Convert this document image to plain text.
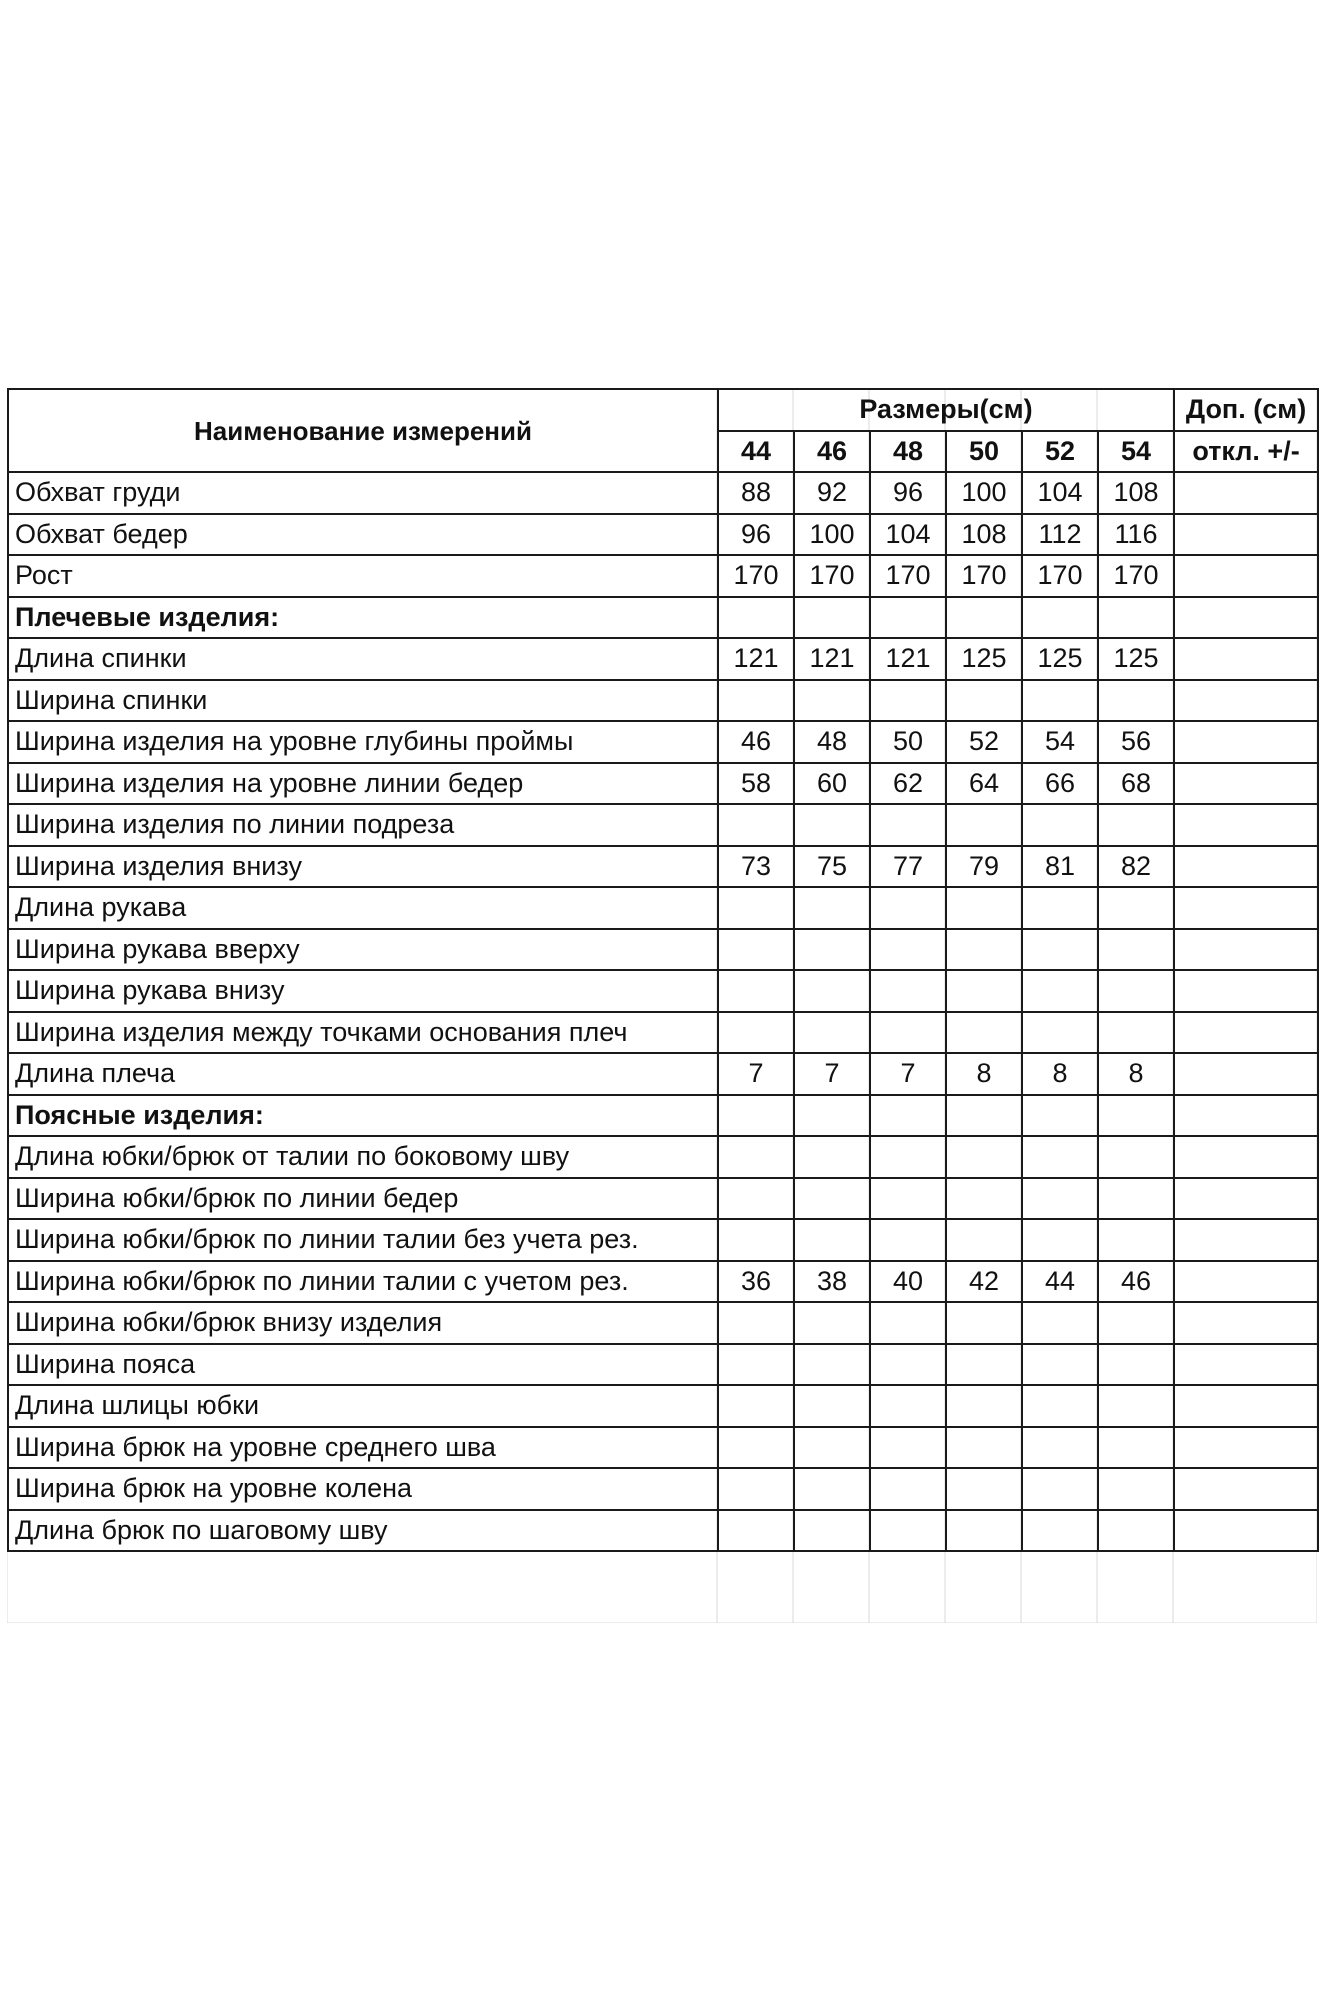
Наименование измерений	Размеры(см)						Доп. (см)
	44	46	48	50	52	54	откл. +/-
Обхват груди	88	92	96	100	104	108	
Обхват бедер	96	100	104	108	112	116	
Рост	170	170	170	170	170	170	
Плечевые изделия:							
Длина спинки	121	121	121	125	125	125	
Ширина спинки							
Ширина изделия на уровне глубины проймы	46	48	50	52	54	56	
Ширина изделия на уровне линии бедер	58	60	62	64	66	68	
Ширина изделия по линии подреза							
Ширина изделия внизу	73	75	77	79	81	82	
Длина рукава							
Ширина рукава вверху							
Ширина рукава внизу							
Ширина изделия между точками основания плеч							
Длина плеча	7	7	7	8	8	8	
Поясные изделия:							
Длина юбки/брюк от талии по боковому шву							
Ширина юбки/брюк по линии бедер							
Ширина юбки/брюк по линии талии без учета рез.							
Ширина юбки/брюк по линии талии с учетом рез.	36	38	40	42	44	46	
Ширина юбки/брюк внизу изделия							
Ширина пояса							
Длина шлицы юбки							
Ширина брюк на уровне среднего шва							
Ширина брюк на уровне колена							
Длина брюк по шаговому шву							
